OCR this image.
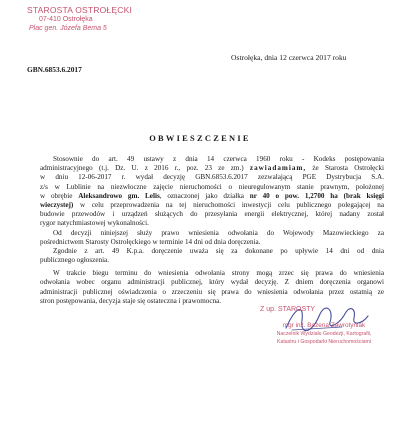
STAROSTA OSTROŁĘCKI
07-410 Ostrołęka
Plac gen. Józefa Bema 5
Ostrołęka, dnia 12 czerwca 2017 roku
GBN.6853.6.2017
OBWIESZCZENIE
Stosownie do art. 49 ustawy z dnia 14 czerwca 1960 roku - Kodeks postępowania
administracyjnego (t.j. Dz. U. z 2016 r., poz. 23 ze zm.) zawiadamiam, że Starosta Ostrołęcki
w dniu 12-06-2017 r. wydał decyzję GBN.6853.6.2017 zezwalającą PGE Dystrybucja S.A.
z/s w Lublinie na niezwłoczne zajęcie nieruchomości o nieuregulowanym stanie prawnym, położonej
w obrębie Aleksandrowo gm. Lelis, oznaczonej jako działka nr 40 o pow. 1,2700 ha (brak księgi
wieczystej) w celu przeprowadzenia na tej nieruchomości inwestycji celu publicznego polegającej na
budowie przewodów i urządzeń służących do przesyłania energii elektrycznej, której nadany został
rygor natychmiastowej wykonalności.
Od decyzji niniejszej służy prawo wniesienia odwołania do Wojewody Mazowieckiego za
pośrednictwem Starosty Ostrołęckiego w terminie 14 dni od dnia doręczenia.
Zgodnie z art. 49 K.p.a. doręczenie uważa się za dokonane po upływie 14 dni od dnia
publicznego ogłoszenia.
W trakcie biegu terminu do wniesienia odwołania strony mogą zrzec się prawa do wniesienia
odwołania wobec organu administracji publicznej, który wydał decyzję. Z dniem doręczenia organowi
administracji publicznej oświadczenia o zrzeczeniu się prawa do wniesienia odwołania przez ostatnią ze
stron postępowania, decyzja staje się ostateczna i prawomocna.
Z up. STAROSTY
mgr inż. Bożena Zawrotyniak
Naczelnik Wydziału Geodezji, Kartografii,
Katastru i Gospodarki Nieruchomościami
